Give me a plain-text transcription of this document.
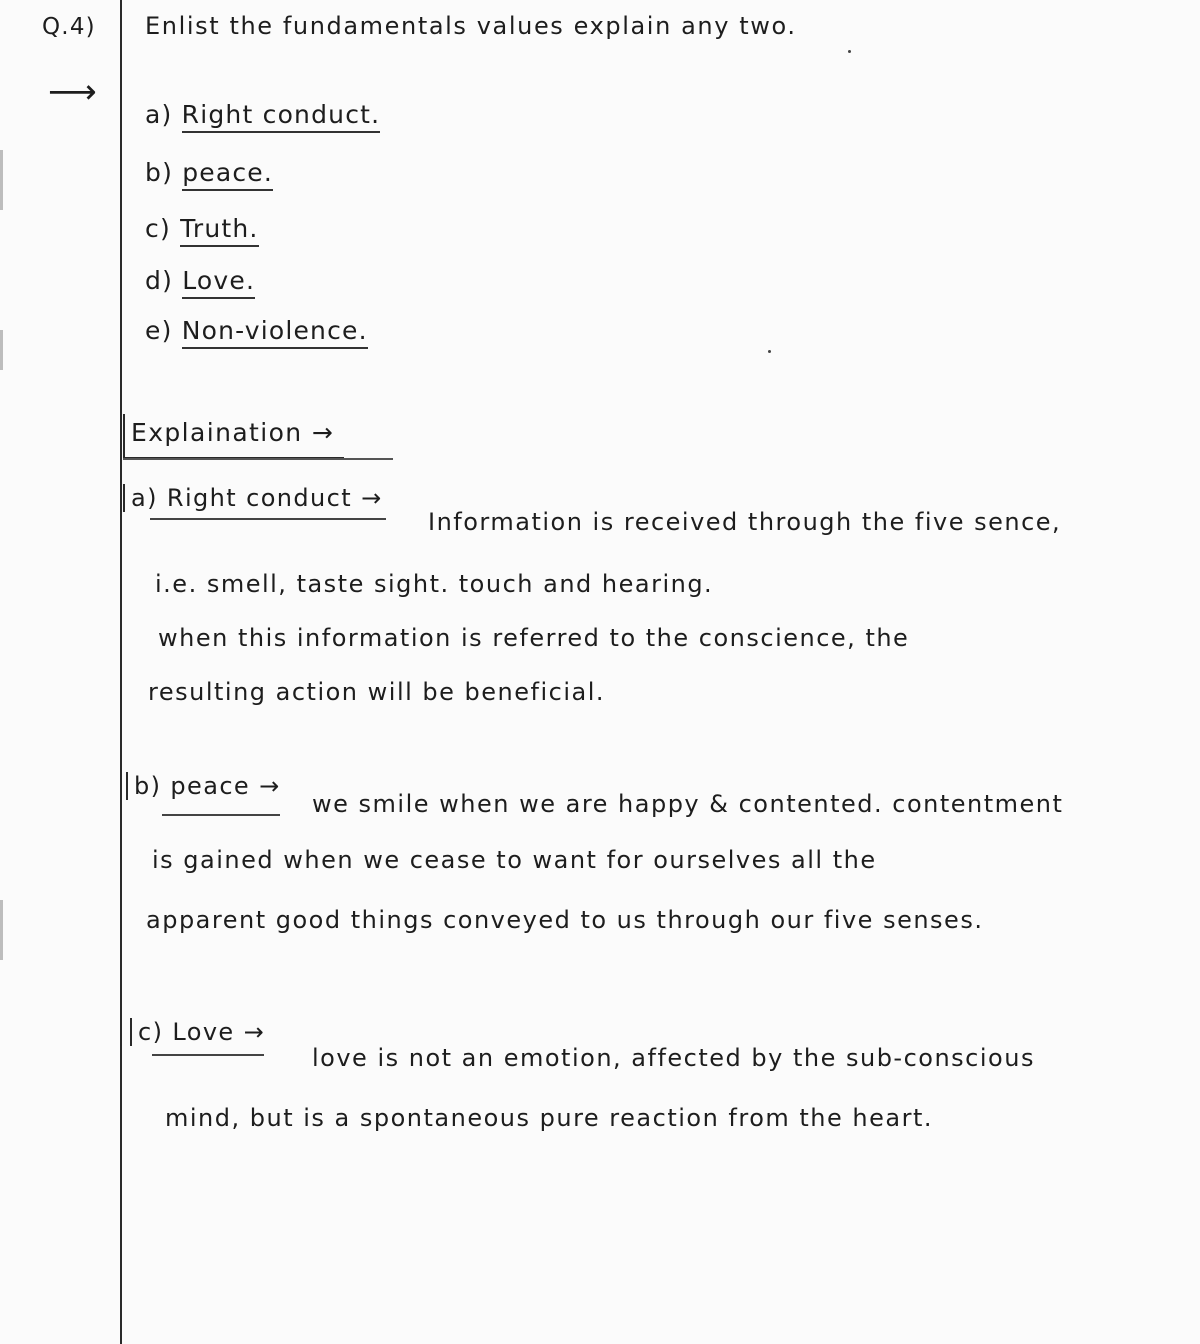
Q.4) Enlist the fundamentals values explain any two.
⟶
a) Right conduct.
b) peace.
c) Truth.
d) Love.
e) Non-violence.
Explaination →
a) Right conduct →
Information is received through the five sence,
i.e. smell, taste sight. touch and hearing.
when this information is referred to the conscience, the
resulting action will be beneficial.
b) peace →
we smile when we are happy & contented. contentment
is gained when we cease to want for ourselves all the
apparent good things conveyed to us through our five senses.
c) Love →
love is not an emotion, affected by the sub-conscious
mind, but is a spontaneous pure reaction from the heart.
